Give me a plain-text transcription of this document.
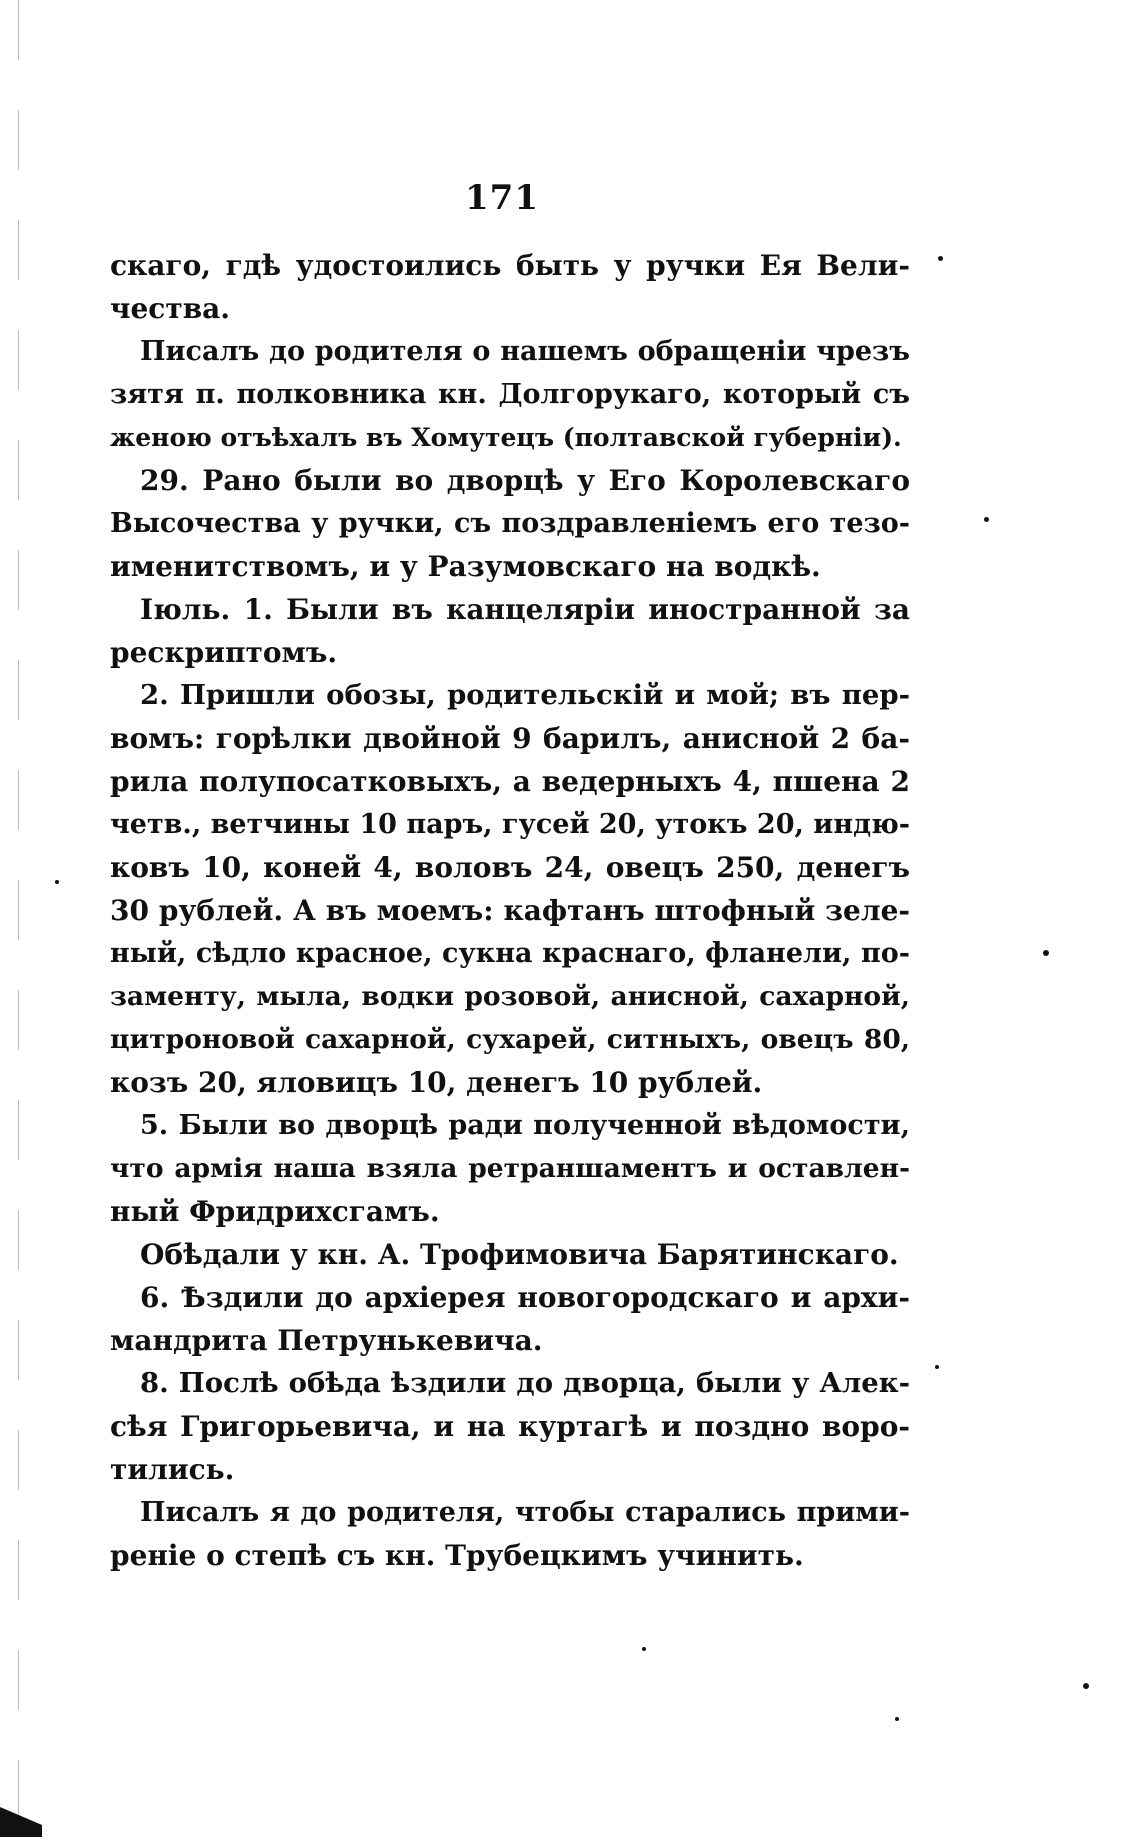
171
скаго, гдѣ удостоились быть у ручки Ея Вели-
чества.
Писалъ до родителя о нашемъ обращеніи чрезъ
зятя п. полковника кн. Долгорукаго, который съ
женою отъѣхалъ въ Хомутецъ (полтавской губерніи).
29. Рано были во дворцѣ у Его Королевскаго
Высочества у ручки, съ поздравленіемъ его тезо-
именитствомъ, и у Разумовскаго на водкѣ.
Іюль. 1. Были въ канцеляріи иностранной за
рескриптомъ.
2. Пришли обозы, родительскій и мой; въ пер-
вомъ: горѣлки двойной 9 барилъ, анисной 2 ба-
рила полупосатковыхъ, а ведерныхъ 4, пшена 2
четв., ветчины 10 паръ, гусей 20, утокъ 20, индю-
ковъ 10, коней 4, воловъ 24, овецъ 250, денегъ
30 рублей. А въ моемъ: кафтанъ штофный зеле-
ный, сѣдло красное, сукна краснаго, фланели, по-
заменту, мыла, водки розовой, анисной, сахарной,
цитроновой сахарной, сухарей, ситныхъ, овецъ 80,
козъ 20, яловицъ 10, денегъ 10 рублей.
5. Были во дворцѣ ради полученной вѣдомости,
что армія наша взяла ретраншаментъ и оставлен-
ный Фридрихсгамъ.
Обѣдали у кн. А. Трофимовича Барятинскаго.
6. Ѣздили до архіерея новогородскаго и архи-
мандрита Петрунькевича.
8. Послѣ обѣда ѣздили до дворца, были у Алек-
сѣя Григорьевича, и на куртагѣ и поздно воро-
тились.
Писалъ я до родителя, чтобы старались прими-
реніе о степѣ съ кн. Трубецкимъ учинить.
